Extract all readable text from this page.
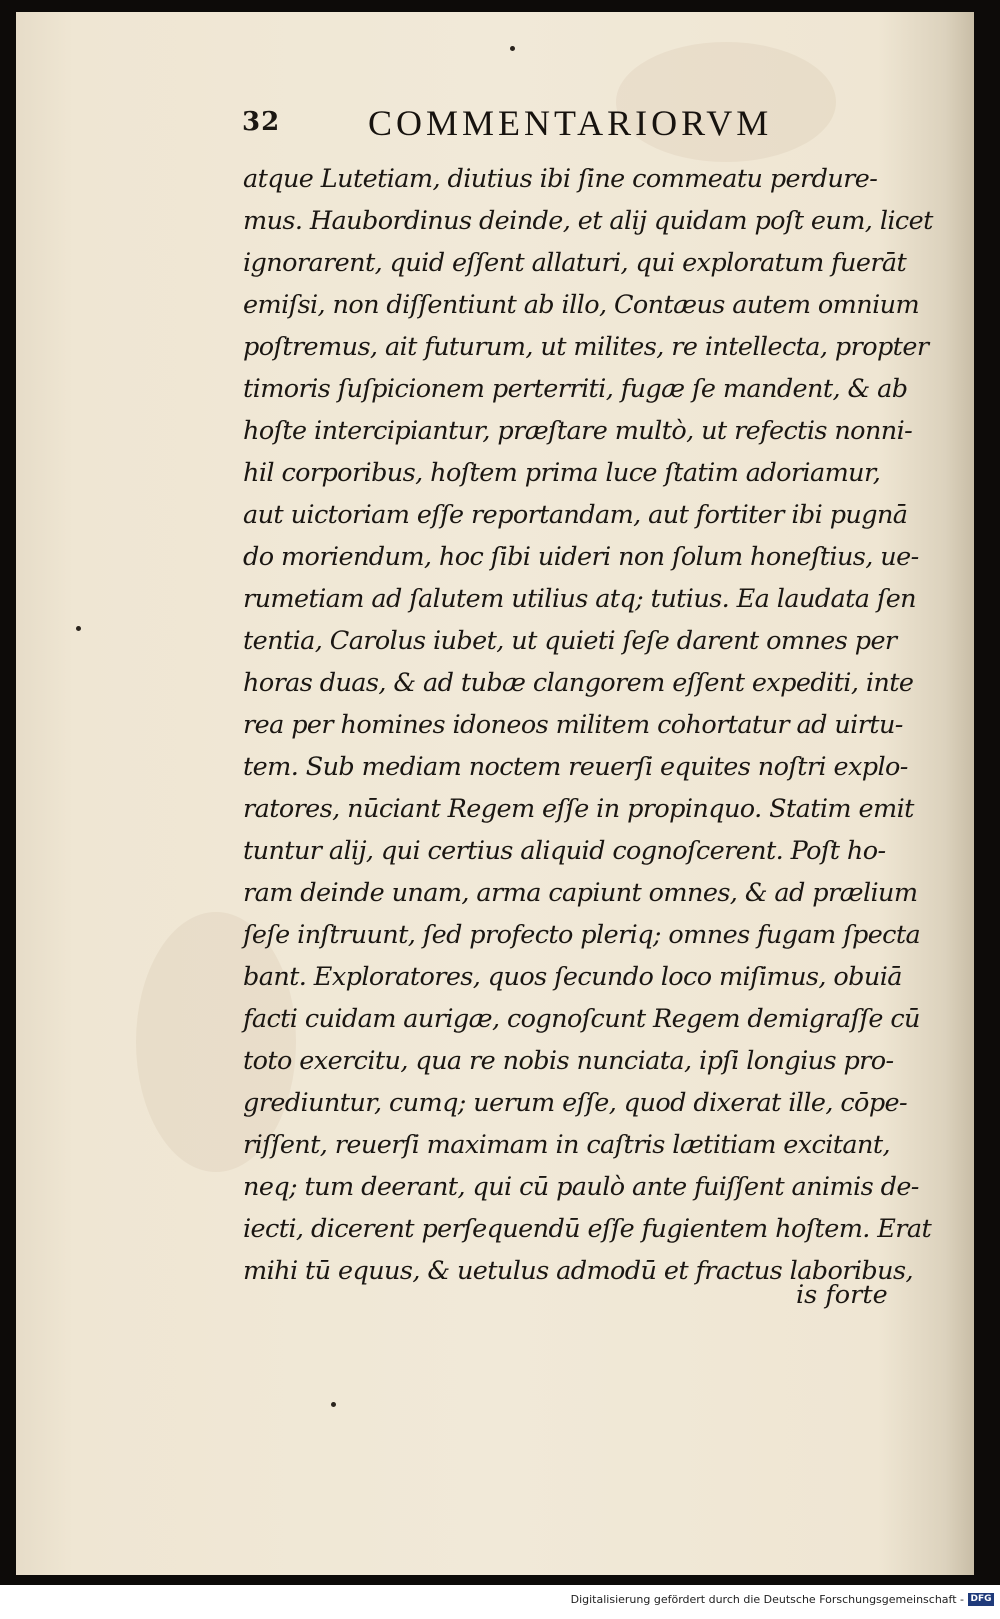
32 COMMENTARIORVM
atque Lutetiam, diutius ibi ſine commeatu perdure-
mus. Haubordinus deinde, et alij quidam poſt eum, licet
ignorarent, quid eſſent allaturi, qui exploratum fuerāt
emiſsi, non diſſentiunt ab illo, Contæus autem omnium
poſtremus, ait futurum, ut milites, re intellecta, propter
timoris ſuſpicionem perterriti, fugæ ſe mandent, & ab
hoſte intercipiantur, præſtare multò, ut refectis nonni-
hil corporibus, hoſtem prima luce ſtatim adoriamur,
aut uictoriam eſſe reportandam, aut fortiter ibi pugnā
do moriendum, hoc ſibi uideri non ſolum honeſtius, ue-
rumetiam ad ſalutem utilius atq; tutius. Ea laudata ſen
tentia, Carolus iubet, ut quieti ſeſe darent omnes per
horas duas, & ad tubæ clangorem eſſent expediti, inte
rea per homines idoneos militem cohortatur ad uirtu-
tem. Sub mediam noctem reuerſi equites noſtri explo-
ratores, nūciant Regem eſſe in propinquo. Statim emit
tuntur alij, qui certius aliquid cognoſcerent. Poſt ho-
ram deinde unam, arma capiunt omnes, & ad prælium
ſeſe inſtruunt, ſed profecto pleriq; omnes fugam ſpecta
bant. Exploratores, quos ſecundo loco miſimus, obuiā
facti cuidam aurigæ, cognoſcunt Regem demigraſſe cū
toto exercitu, qua re nobis nunciata, ipſi longius pro-
grediuntur, cumq; uerum eſſe, quod dixerat ille, cōpe-
riſſent, reuerſi maximam in caſtris lætitiam excitant,
neq; tum deerant, qui cū paulò ante fuiſſent animis de-
iecti, dicerent perſequendū eſſe fugientem hoſtem. Erat
mihi tū equus, & uetulus admodū et fractus laboribus,
is forte
Digitalisierung gefördert durch die Deutsche Forschungsgemeinschaft - DFG
